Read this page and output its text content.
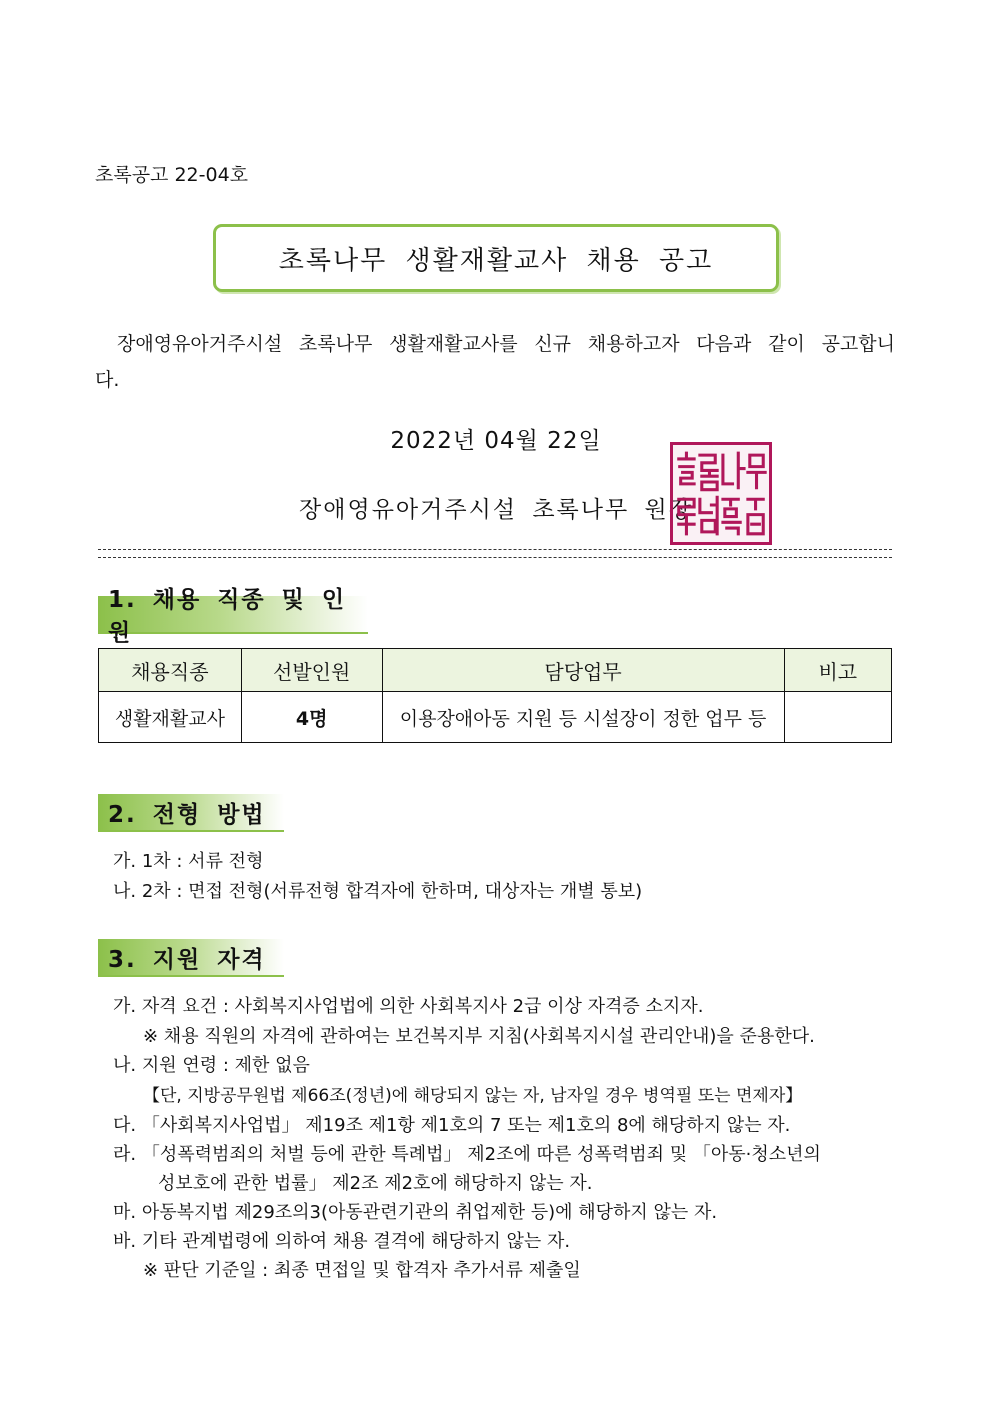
초록공고 22-04호
초록나무 생활재활교사 채용 공고
장애영유아거주시설 초록나무 생활재활교사를 신규 채용하고자 다음과 같이 공고합니다.
2022년 04월 22일
장애영유아거주시설 초록나무 원장
1. 채용 직종 및 인원
채용직종	선발인원	담당업무	비고
생활재활교사	4명	이용장애아동 지원 등 시설장이 정한 업무 등	
2. 전형 방법
가. 1차 : 서류 전형
나. 2차 : 면접 전형(서류전형 합격자에 한하며, 대상자는 개별 통보)
3. 지원 자격
가. 자격 요건 : 사회복지사업법에 의한 사회복지사 2급 이상 자격증 소지자.
※ 채용 직원의 자격에 관하여는 보건복지부 지침(사회복지시설 관리안내)을 준용한다.
나. 지원 연령 : 제한 없음
【단, 지방공무원법 제66조(정년)에 해당되지 않는 자, 남자일 경우 병역필 또는 면제자】
다. 「사회복지사업법」 제19조 제1항 제1호의 7 또는 제1호의 8에 해당하지 않는 자.
라. 「성폭력범죄의 처벌 등에 관한 특례법」 제2조에 따른 성폭력범죄 및 「아동·청소년의
성보호에 관한 법률」 제2조 제2호에 해당하지 않는 자.
마. 아동복지법 제29조의3(아동관련기관의 취업제한 등)에 해당하지 않는 자.
바. 기타 관계법령에 의하여 채용 결격에 해당하지 않는 자.
※ 판단 기준일 : 최종 면접일 및 합격자 추가서류 제출일
